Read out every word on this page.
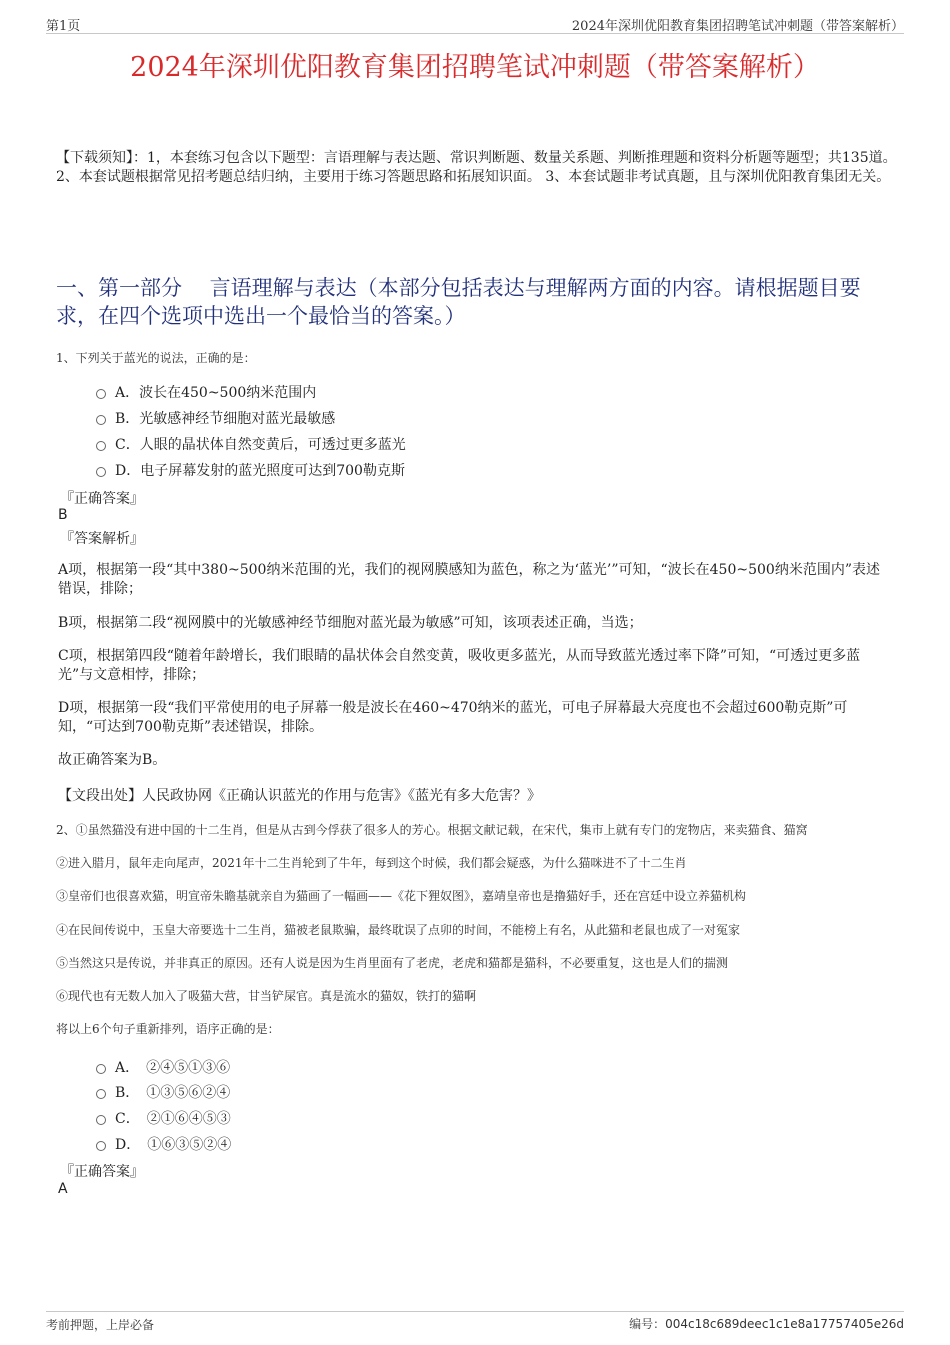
第1页	2024年深圳优阳教育集团招聘笔试冲刺题（带答案解析）
2024年深圳优阳教育集团招聘笔试冲刺题（带答案解析）
【下载须知】：1，本套练习包含以下题型：言语理解与表达题、常识判断题、数量关系题、判断推理题和资料分析题等题型；共135道。 2、本套试题根据常见招考题总结归纳，主要用于练习答题思路和拓展知识面。 3、本套试题非考试真题，且与深圳优阳教育集团无关。
一、第一部分　 言语理解与表达（本部分包括表达与理解两方面的内容。请根据题目要求，在四个选项中选出一个最恰当的答案。）
1、下列关于蓝光的说法，正确的是：
A．波长在450~500纳米范围内
B．光敏感神经节细胞对蓝光最敏感
C．人眼的晶状体自然变黄后，可透过更多蓝光
D．电子屏幕发射的蓝光照度可达到700勒克斯
『正确答案』
B
『答案解析』
A项，根据第一段“其中380~500纳米范围的光，我们的视网膜感知为蓝色，称之为‘蓝光’”可知，“波长在450~500纳米范围内”表述错误，排除；
B项，根据第二段“视网膜中的光敏感神经节细胞对蓝光最为敏感”可知，该项表述正确，当选；
C项，根据第四段“随着年龄增长，我们眼睛的晶状体会自然变黄，吸收更多蓝光，从而导致蓝光透过率下降”可知，“可透过更多蓝光”与文意相悖，排除；
D项，根据第一段“我们平常使用的电子屏幕一般是波长在460~470纳米的蓝光，可电子屏幕最大亮度也不会超过600勒克斯”可知，“可达到700勒克斯”表述错误，排除。
故正确答案为B。
【文段出处】人民政协网《正确认识蓝光的作用与危害》《蓝光有多大危害？》
2、①虽然猫没有进中国的十二生肖，但是从古到今俘获了很多人的芳心。根据文献记载，在宋代，集市上就有专门的宠物店，来卖猫食、猫窝
②进入腊月，鼠年走向尾声，2021年十二生肖轮到了牛年，每到这个时候，我们都会疑惑，为什么猫咪进不了十二生肖
③皇帝们也很喜欢猫，明宣帝朱瞻基就亲自为猫画了一幅画——《花下狸奴图》，嘉靖皇帝也是撸猫好手，还在宫廷中设立养猫机构
④在民间传说中，玉皇大帝要选十二生肖，猫被老鼠欺骗，最终耽误了点卯的时间，不能榜上有名，从此猫和老鼠也成了一对冤家
⑤当然这只是传说，并非真正的原因。还有人说是因为生肖里面有了老虎，老虎和猫都是猫科，不必要重复，这也是人们的揣测
⑥现代也有无数人加入了吸猫大营，甘当铲屎官。真是流水的猫奴，铁打的猫啊
将以上6个句子重新排列，语序正确的是：
A．　②④⑤①③⑥
B．　①③⑤⑥②④
C．　②①⑥④⑤③
D．　①⑥③⑤②④
『正确答案』
A
考前押题，上岸必备	编号：004c18c689deec1c1e8a17757405e26d
